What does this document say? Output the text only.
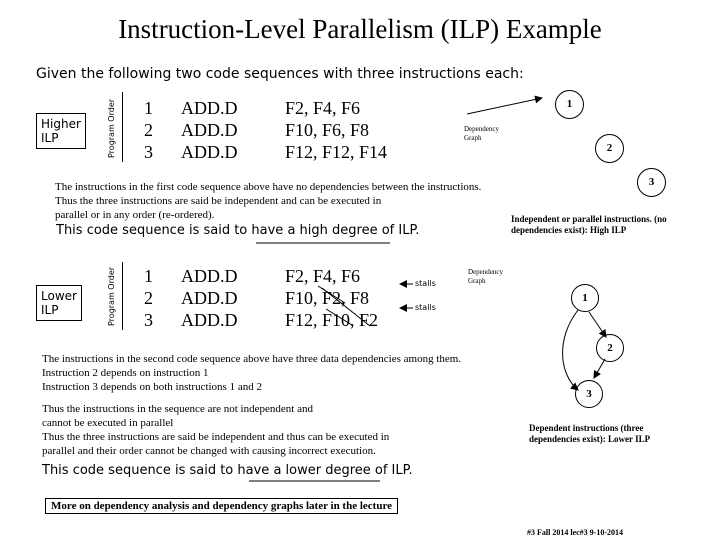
Instruction-Level Parallelism (ILP) Example
Given the following two code sequences with three instructions each:
Higher
ILP	Program Order 1
2
3
ADD.D
ADD.D
ADD.D
F2, F4, F6
F10, F6, F8
F12, F12, F14
Dependency
Graph
1
2
3
The instructions in the first code sequence above have no dependencies between the instructions.
Thus the three instructions are said be independent and can be executed in
parallel or in any order (re-ordered).
This code sequence is said to have a high degree of ILP.
Independent or parallel instructions. (no
dependencies exist): High ILP
Lower
ILP	Program Order 1
2
3
ADD.D
ADD.D
ADD.D
F2, F4, F6
F10, F2, F8
F12, F10, F2
stalls
stalls
Dependency
Graph
1
2
3
The instructions in the second code sequence above have three data dependencies among them.
Instruction 2 depends on instruction 1
Instruction 3 depends on both instructions 1 and 2
Thus the instructions in the sequence are not independent and
cannot be executed in parallel
Thus the three instructions are said be independent and thus can be executed in
parallel and their order cannot be changed with causing incorrect execution.
This code sequence is said to have a lower degree of ILP.
Dependent instructions (three
dependencies exist): Lower ILP
More on dependency analysis and dependency graphs later in the lecture
#3 Fall 2014 lec#3 9-10-2014
